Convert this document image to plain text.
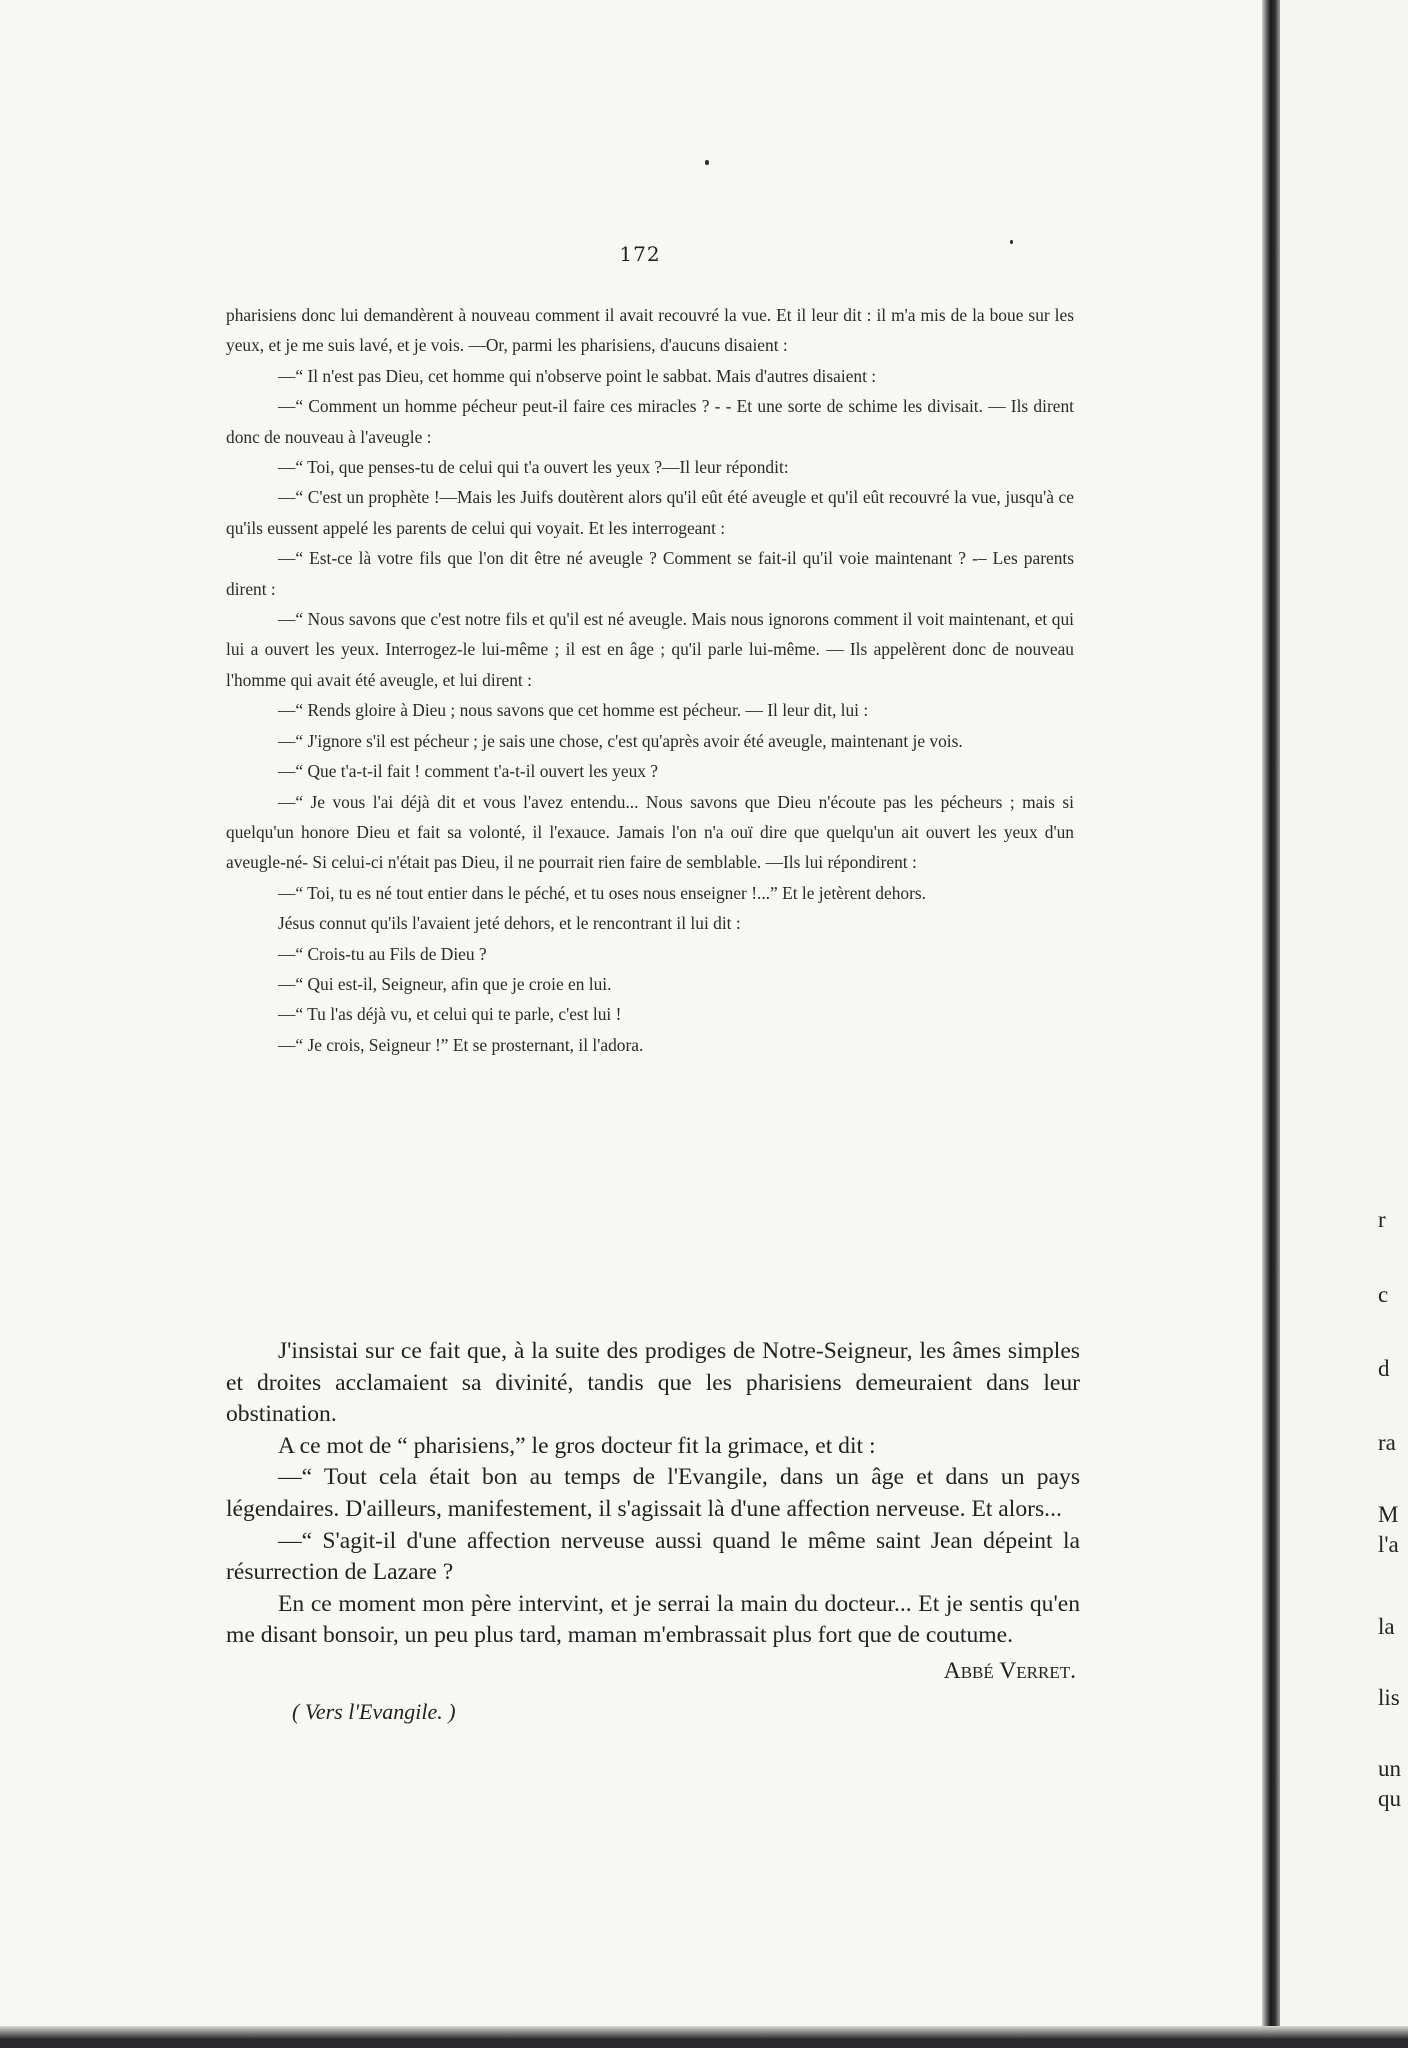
172

pharisiens donc lui demandèrent à nouveau comment il avait recouvré la vue. Et il leur dit : il m'a mis de la boue sur les yeux, et je me suis lavé, et je vois. —Or, parmi les pharisiens, d'aucuns disaient :

—“ Il n'est pas Dieu, cet homme qui n'observe point le sabbat. Mais d'autres disaient :

—“ Comment un homme pécheur peut-il faire ces miracles ? - - Et une sorte de schime les divisait. — Ils dirent donc de nouveau à l'aveugle :

—“ Toi, que penses-tu de celui qui t'a ouvert les yeux ?—Il leur répondit:

—“ C'est un prophète !—Mais les Juifs doutèrent alors qu'il eût été aveugle et qu'il eût recouvré la vue, jusqu'à ce qu'ils eussent appelé les parents de celui qui voyait. Et les interrogeant :

—“ Est-ce là votre fils que l'on dit être né aveugle ? Comment se fait-il qu'il voie maintenant ? -– Les parents dirent :

—“ Nous savons que c'est notre fils et qu'il est né aveugle. Mais nous ignorons comment il voit maintenant, et qui lui a ouvert les yeux. Interrogez-le lui-même ; il est en âge ; qu'il parle lui-même. — Ils appelèrent donc de nouveau l'homme qui avait été aveugle, et lui dirent :

—“ Rends gloire à Dieu ; nous savons que cet homme est pécheur. — Il leur dit, lui :

—“ J'ignore s'il est pécheur ; je sais une chose, c'est qu'après avoir été aveugle, maintenant je vois.

—“ Que t'a-t-il fait ! comment t'a-t-il ouvert les yeux ?

—“ Je vous l'ai déjà dit et vous l'avez entendu... Nous savons que Dieu n'écoute pas les pécheurs ; mais si quelqu'un honore Dieu et fait sa volonté, il l'exauce. Jamais l'on n'a ouï dire que quelqu'un ait ouvert les yeux d'un aveugle-né- Si celui-ci n'était pas Dieu, il ne pourrait rien faire de semblable. —Ils lui répondirent :

—“ Toi, tu es né tout entier dans le péché, et tu oses nous enseigner !...” Et le jetèrent dehors.

Jésus connut qu'ils l'avaient jeté dehors, et le rencontrant il lui dit :

—“ Crois-tu au Fils de Dieu ?

—“ Qui est-il, Seigneur, afin que je croie en lui.

—“ Tu l'as déjà vu, et celui qui te parle, c'est lui !

—“ Je crois, Seigneur !” Et se prosternant, il l'adora.

J'insistai sur ce fait que, à la suite des prodiges de Notre-Seigneur, les âmes simples et droites acclamaient sa divinité, tandis que les pharisiens demeuraient dans leur obstination.

A ce mot de “ pharisiens,” le gros docteur fit la grimace, et dit :

—“ Tout cela était bon au temps de l'Evangile, dans un âge et dans un pays légendaires. D'ailleurs, manifestement, il s'agissait là d'une affection nerveuse. Et alors...

—“ S'agit-il d'une affection nerveuse aussi quand le même saint Jean dépeint la résurrection de Lazare ?

En ce moment mon père intervint, et je serrai la main du docteur... Et je sentis qu'en me disant bonsoir, un peu plus tard, maman m'embrassait plus fort que de coutume.

Abbé Verret.
( Vers l'Evangile. )
r
c
d
ra
M
l'a
la
lis
un
qu
